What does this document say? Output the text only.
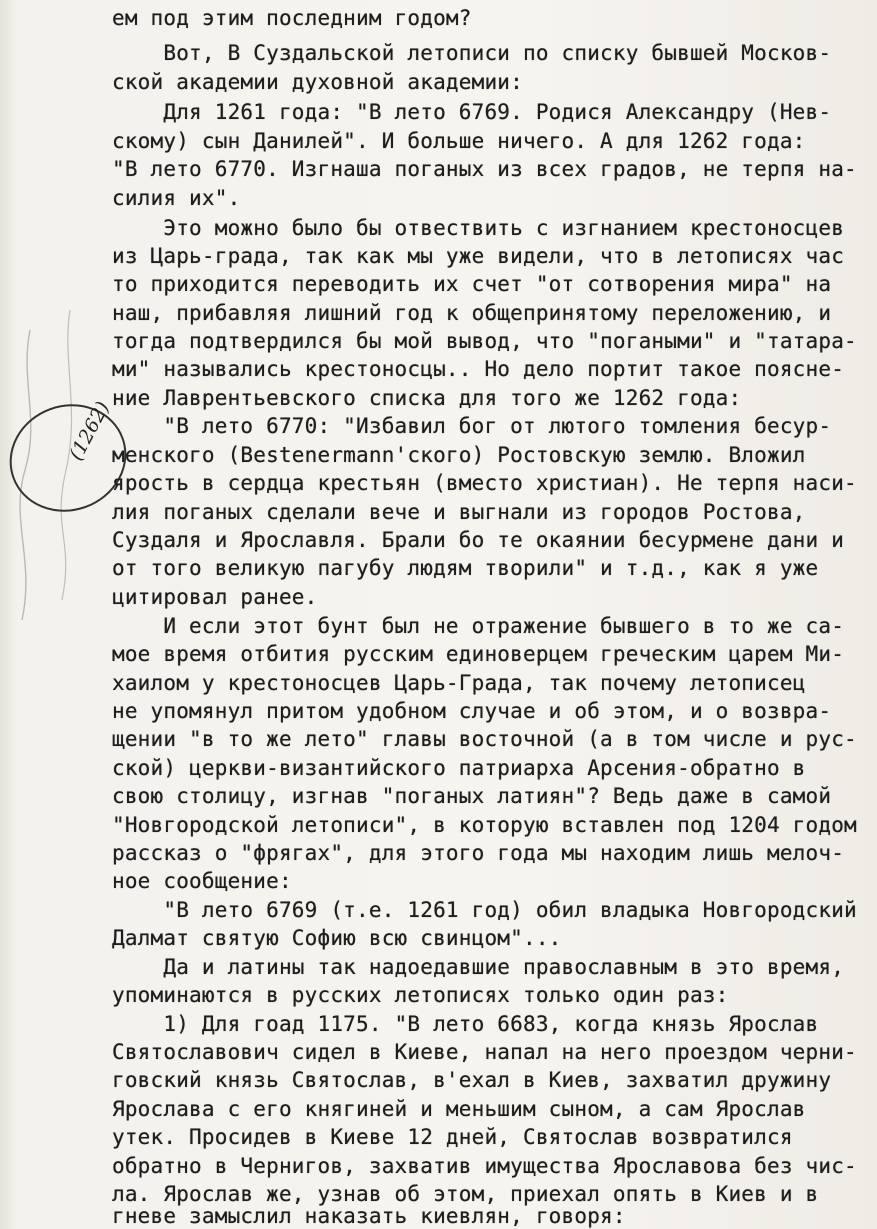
(1262)
ем под этим последним годом?
Вот, В Суздальской летописи по списку бывшей Москов-
ской академии духовной академии:
Для 1261 года: "В лето 6769. Родися Александру (Нев-
скому) сын Данилей". И больше ничего. А для 1262 года:
"В лето 6770. Изгнаша поганых из всех градов, не терпя на-
силия их".
Это можно было бы отвествить с изгнанием крестоносцев
из Царь-града, так как мы уже видели, что в летописях час
то приходится переводить их счет "от сотворения мира" на
наш, прибавляя лишний год к общепринятому переложению, и
тогда подтвердился бы мой вывод, что "погаными" и "татара-
ми" назывались крестоносцы.. Но дело портит такое поясне-
ние Лаврентьевского списка для того же 1262 года:
"В лето 6770: "Избавил бог от лютого томления бесур-
менского (Bestenermann'ского) Ростовскую землю. Вложил
ярость в сердца крестьян (вместо христиан). Не терпя наси-
лия поганых сделали вече и выгнали из городов Ростова,
Суздаля и Ярославля. Брали бо те окаянии бесурмене дани и
от того великую пагубу людям творили" и т.д., как я уже
цитировал ранее.
И если этот бунт был не отражение бывшего в то же са-
мое время отбития русским единоверцем греческим царем Ми-
хаилом у крестоносцев Царь-Града, так почему летописец
не упомянул притом удобном случае и об этом, и о возвра-
щении "в то же лето" главы восточной (а в том числе и рус-
ской) церкви-византийского патриарха Арсения-обратно в
свою столицу, изгнав "поганых латиян"? Ведь даже в самой
"Новгородской летописи", в которую вставлен под 1204 годом
рассказ о "фрягах", для этого года мы находим лишь мелоч-
ное сообщение:
"В лето 6769 (т.е. 1261 год) обил владыка Новгородский
Далмат святую Софию всю свинцом"...
Да и латины так надоедавшие православным в это время,
упоминаются в русских летописях только один раз:
1) Для гоад 1175. "В лето 6683, когда князь Ярослав
Святославович сидел в Киеве, напал на него проездом черни-
говский князь Святослав, в'ехал в Киев, захватил дружину
Ярослава с его княгиней и меньшим сыном, а сам Ярослав
утек. Просидев в Киеве 12 дней, Святослав возвратился
обратно в Чернигов, захватив имущества Ярославова без чис-
ла. Ярослав же, узнав об этом, приехал опять в Киев и в
гневе замыслил наказать киевлян, говоря:
